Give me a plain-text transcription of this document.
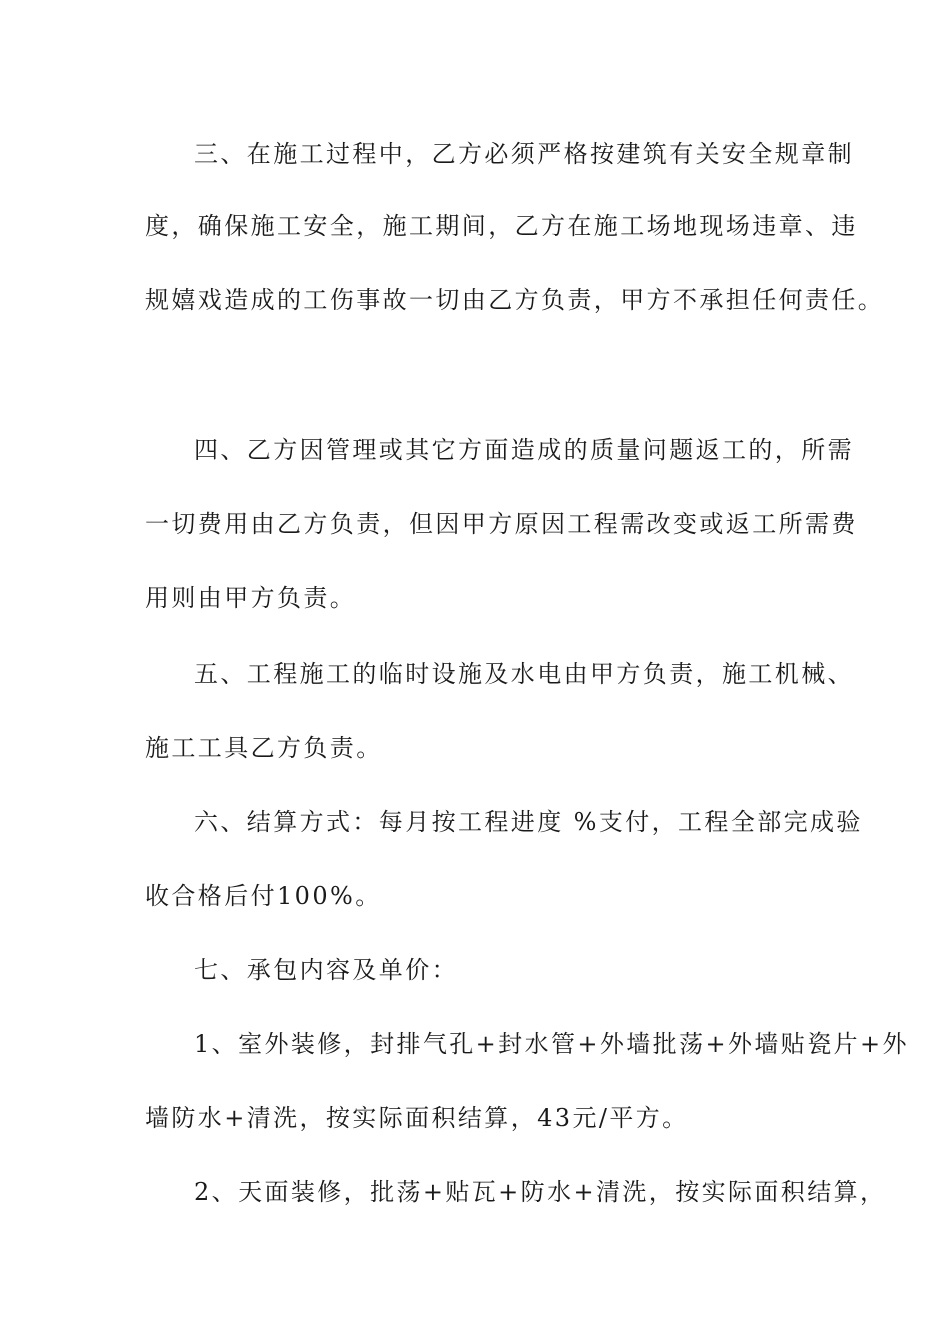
三、在施工过程中，乙方必须严格按建筑有关安全规章制
度，确保施工安全，施工期间，乙方在施工场地现场违章、违
规嬉戏造成的工伤事故一切由乙方负责，甲方不承担任何责任。
四、乙方因管理或其它方面造成的质量问题返工的，所需
一切费用由乙方负责，但因甲方原因工程需改变或返工所需费
用则由甲方负责。
五、工程施工的临时设施及水电由甲方负责，施工机械、
施工工具乙方负责。
六、结算方式：每月按工程进度 %支付，工程全部完成验
收合格后付100%。
七、承包内容及单价：
1、室外装修，封排气孔+封水管+外墙批荡+外墙贴瓷片+外
墙防水+清洗，按实际面积结算，43元/平方。
2、天面装修，批荡+贴瓦+防水+清洗，按实际面积结算，
